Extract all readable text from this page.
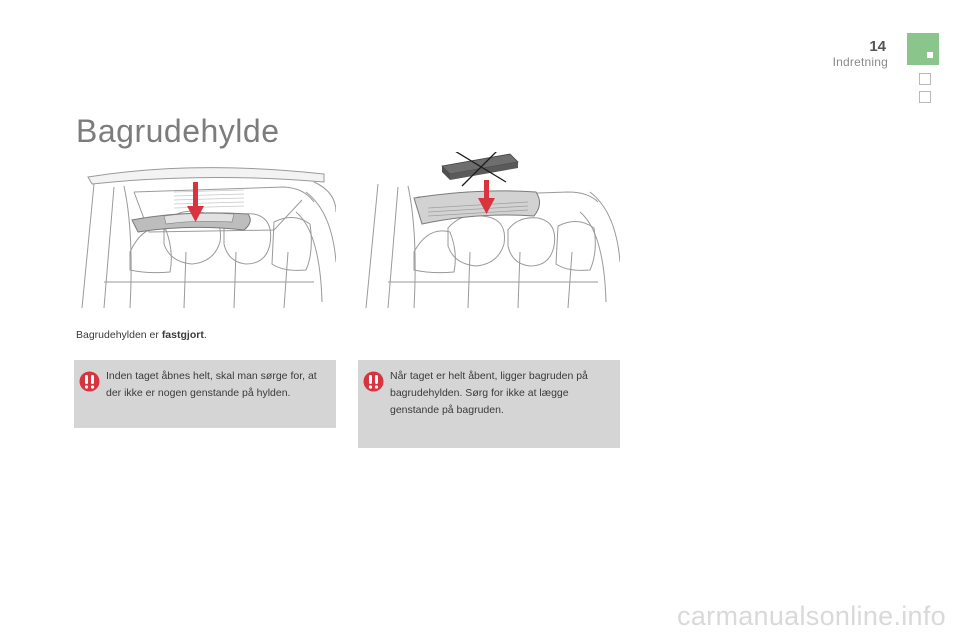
14
Indretning
Bagrudehylde

Bagrudehylden er fastgjort.

Inden taget åbnes helt, skal man sørge for, at der ikke er nogen genstande på hylden.
Når taget er helt åbent, ligger bagruden på bagrudehylden. Sørg for ikke at lægge genstande på bagruden.
carmanualsonline.info
